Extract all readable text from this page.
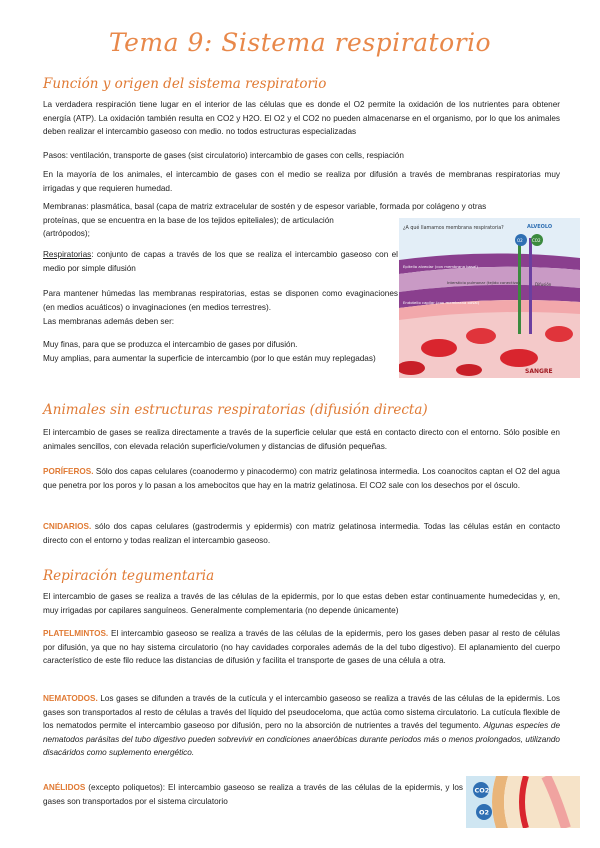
Tema 9: Sistema respiratorio
Función y origen del sistema respiratorio

La verdadera respiración tiene lugar en el interior de las células que es donde el O2 permite la oxidación de los nutrientes para obtener energía (ATP). La oxidación también resulta en CO2 y H2O. El O2 y el CO2 no pueden almacenarse en el organismo, por lo que los animales deben realizar el intercambio gaseoso con medio. no todos estructuras especializadas

Pasos: ventilación, transporte de gases (sist circulatorio) intercambio de gases con cells, respiación

En la mayoría de los animales, el intercambio de gases con el medio se realiza por difusión a través de membranas respiratorias muy irrigadas y que requieren humedad.

Membranas: plasmática, basal (capa de matriz extracelular de sostén y de espesor variable, formada por colágeno y otras
proteínas, que se encuentra en la base de los tejidos epiteliales); de articulación
(artrópodos);

Respiratorias: conjunto de capas a través de los que se realiza el intercambio gaseoso con el medio por simple difusión

Para mantener húmedas las membranas respiratorias, estas se disponen como evaginaciones (en medios acuáticos) o invaginaciones (en medios terrestres).

Las membranas además deben ser:

Muy finas, para que se produzca el intercambio de gases por difusión.

Muy amplias, para aumentar la superficie de intercambio (por lo que están muy replegadas)

¿A qué llamamos membrana respiratoria?	ALVEOLO
O2 CO2
Epitelio alveolar (con membrana basal)
Intersticio pulmonar (tejido conectivo)	Difusión
Endotelio capilar (con membrana basal)
SANGRE
Animales sin estructuras respiratorias (difusión directa)

El intercambio de gases se realiza directamente a través de la superficie celular que está en contacto directo con el entorno. Sólo posible en animales sencillos, con elevada relación superficie/volumen y distancias de difusión pequeñas.

PORÍFEROS. Sólo dos capas celulares (coanodermo y pinacodermo) con matriz gelatinosa intermedia. Los coanocitos captan el O2 del agua que penetra por los poros y lo pasan a los amebocitos que hay en la matriz gelatinosa. El CO2 sale con los desechos por el ósculo.

CNIDARIOS. sólo dos capas celulares (gastrodermis y epidermis) con matriz gelatinosa intermedia. Todas las células están en contacto directo con el entorno y todas realizan el intercambio gaseoso.

Repiración tegumentaria

El intercambio de gases se realiza a través de las células de la epidermis, por lo que estas deben estar continuamente humedecidas y, en, muy irrigadas por capilares sanguíneos. Generalmente complementaria (no depende únicamente)

PLATELMINTOS. El intercambio gaseoso se realiza a través de las células de la epidermis, pero los gases deben pasar al resto de células por difusión, ya que no hay sistema circulatorio (no hay cavidades corporales además de la del tubo digestivo). El aplanamiento del cuerpo característico de este filo reduce las distancias de difusión y facilita el transporte de gases de una célula a otra.

NEMATODOS. Los gases se difunden a través de la cutícula y el intercambio gaseoso se realiza a través de las células de la epidermis. Los gases son transportados al resto de células a través del líquido del pseudoceloma, que actúa como sistema circulatorio. La cutícula flexible de los nematodos permite el intercambio gaseoso por difusión, pero no la absorción de nutrientes a través del tegumento. Algunas especies de nematodos parásitas del tubo digestivo pueden sobrevivir en condiciones anaeróbicas durante periodos más o menos prolongados, utilizando disacáridos como suplemento energético.

ANÉLIDOS (excepto poliquetos): El intercambio gaseoso se realiza a través de las células de la epidermis, y los gases son transportados por el sistema circulatorio

CO2
O2
